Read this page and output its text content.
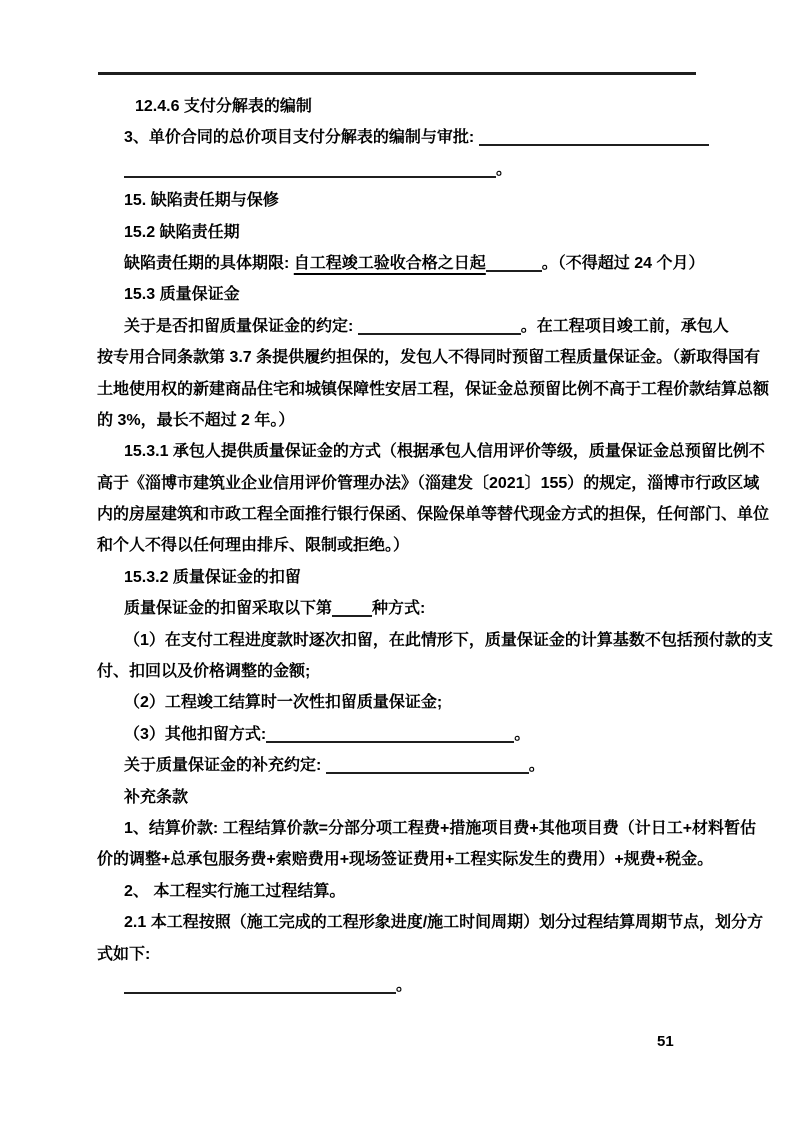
12.4.6 支付分解表的编制
3、单价合同的总价项目支付分解表的编制与审批:
。
15. 缺陷责任期与保修
15.2 缺陷责任期
缺陷责任期的具体期限: 自工程竣工验收合格之日起	。（不得超过 24 个月）
15.3 质量保证金
关于是否扣留质量保证金的约定:	。在工程项目竣工前，承包人
按专用合同条款第 3.7 条提供履约担保的，发包人不得同时预留工程质量保证金。（新取得国有
土地使用权的新建商品住宅和城镇保障性安居工程，保证金总预留比例不高于工程价款结算总额
的 3%，最长不超过 2 年。）
15.3.1 承包人提供质量保证金的方式（根据承包人信用评价等级，质量保证金总预留比例不
高于《淄博市建筑业企业信用评价管理办法》（淄建发〔2021〕155）的规定，淄博市行政区域
内的房屋建筑和市政工程全面推行银行保函、保险保单等替代现金方式的担保，任何部门、单位
和个人不得以任何理由排斥、限制或拒绝。）
15.3.2 质量保证金的扣留
质量保证金的扣留采取以下第	种方式:
（1）在支付工程进度款时逐次扣留，在此情形下，质量保证金的计算基数不包括预付款的支
付、扣回以及价格调整的金额;
（2）工程竣工结算时一次性扣留质量保证金;
（3）其他扣留方式:	。
关于质量保证金的补充约定:	。
补充条款
1、结算价款: 工程结算价款=分部分项工程费+措施项目费+其他项目费（计日工+材料暂估
价的调整+总承包服务费+索赔费用+现场签证费用+工程实际发生的费用）+规费+税金。
2、 本工程实行施工过程结算。
2.1 本工程按照（施工完成的工程形象进度/施工时间周期）划分过程结算周期节点，划分方
式如下:
。
51
